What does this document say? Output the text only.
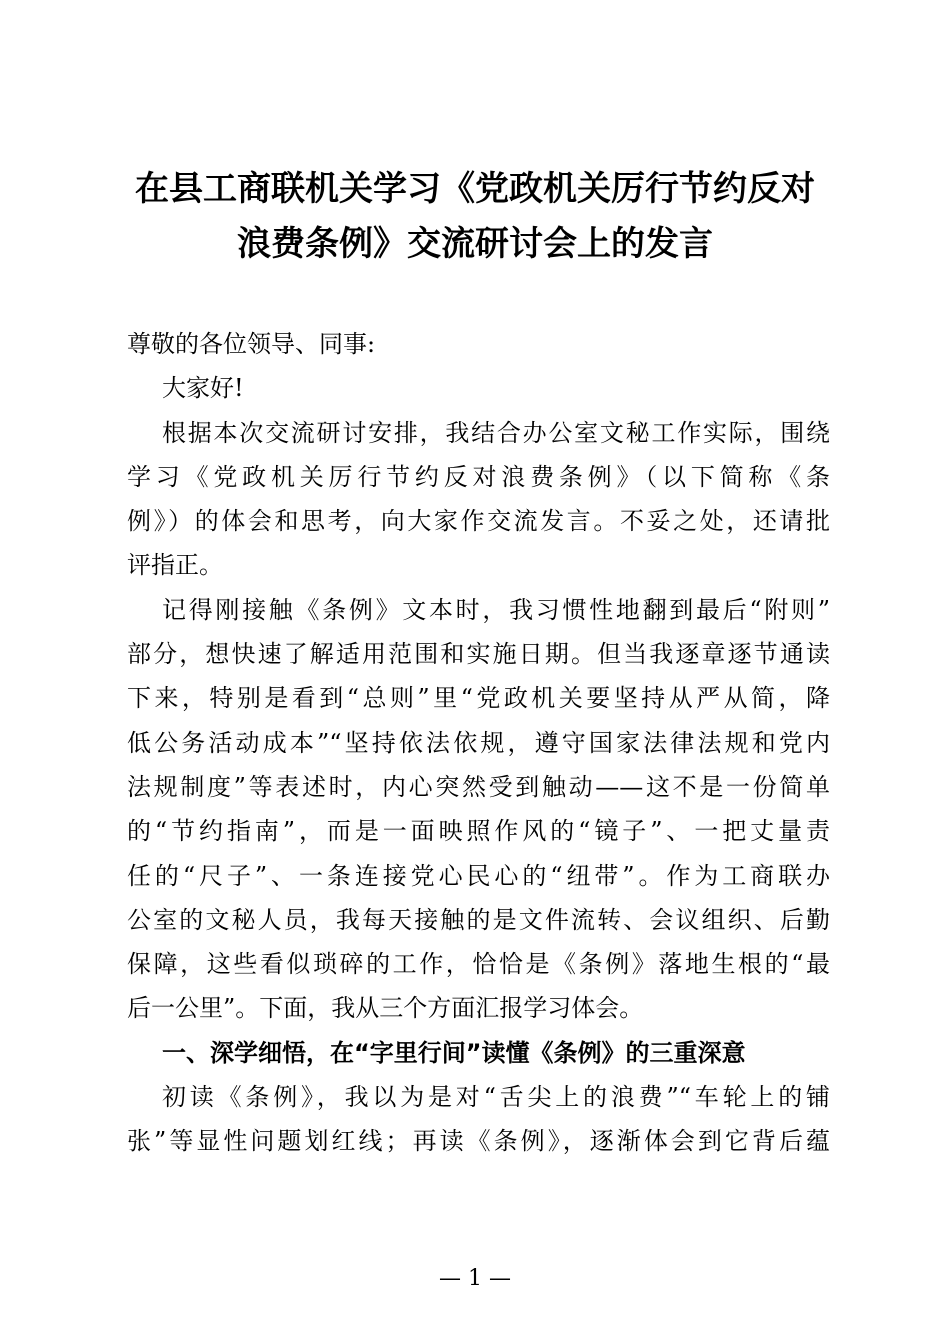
在县工商联机关学习《党政机关厉行节约反对
浪费条例》交流研讨会上的发言
尊敬的各位领导、同事:
大家好!
根据本次交流研讨安排，我结合办公室文秘工作实际，围绕
学习《党政机关厉行节约反对浪费条例》（以下简称《条
例》）的体会和思考，向大家作交流发言。不妥之处，还请批
评指正。
记得刚接触《条例》文本时，我习惯性地翻到最后“附则”
部分，想快速了解适用范围和实施日期。但当我逐章逐节通读
下来，特别是看到“总则”里“党政机关要坚持从严从简，降
低公务活动成本”“坚持依法依规，遵守国家法律法规和党内
法规制度”等表述时，内心突然受到触动——这不是一份简单
的“节约指南”，而是一面映照作风的“镜子”、一把丈量责
任的“尺子”、一条连接党心民心的“纽带”。作为工商联办
公室的文秘人员，我每天接触的是文件流转、会议组织、后勤
保障，这些看似琐碎的工作，恰恰是《条例》落地生根的“最
后一公里”。下面，我从三个方面汇报学习体会。
一、深学细悟，在“字里行间”读懂《条例》的三重深意
初读《条例》，我以为是对“舌尖上的浪费”“车轮上的铺
张”等显性问题划红线；再读《条例》，逐渐体会到它背后蕴
— 1 —
